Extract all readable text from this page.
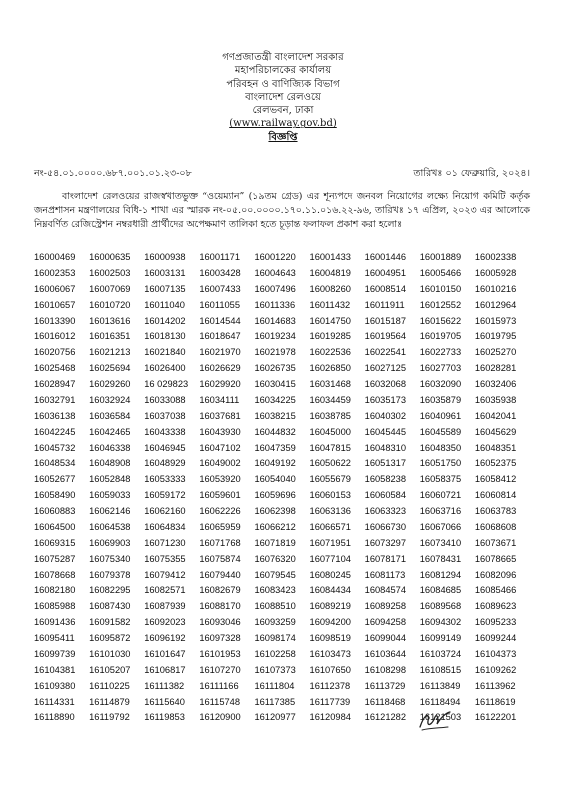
গণপ্রজাতন্ত্রী বাংলাদেশ সরকার
মহাপরিচালকের কার্যালয়
পরিবহন ও বাণিজ্যিক বিভাগ
বাংলাদেশ রেলওয়ে
রেলভবন, ঢাকা
(www.railway.gov.bd)
বিজ্ঞপ্তি
নং-৫৪.০১.০০০০.৬৮৭.০০১.০১.২৩-০৮	তারিখঃ ০১ ফেব্রুয়ারি, ২০২৪।
বাংলাদেশ রেলওয়ের রাজস্বখাতভুক্ত “ওয়েম্যান” (১৯তম গ্রেড) এর শূন্যপদে জনবল নিয়োগের লক্ষ্যে নিয়োগ কমিটি কর্তৃক জনপ্রশাসন মন্ত্রণালয়ের বিধি-১ শাখা এর স্মারক নং-০৫.০০.০০০০.১৭০.১১.০১৬.২২-৯৬, তারিখঃ ১৭ এপ্রিল, ২০২৩ এর আলোকে নিম্নবর্ণিত রেজিস্ট্রেশন নম্বরধারী প্রার্থীদের অপেক্ষমাণ তালিকা হতে চূড়ান্ত ফলাফল প্রকাশ করা হলোঃ
16000469	16000635	16000938	16001171	16001220	16001433	16001446	16001889	16002338
16002353	16002503	16003131	16003428	16004643	16004819	16004951	16005466	16005928
16006067	16007069	16007135	16007433	16007496	16008260	16008514	16010150	16010216
16010657	16010720	16011040	16011055	16011336	16011432	16011911	16012552	16012964
16013390	16013616	16014202	16014544	16014683	16014750	16015187	16015622	16015973
16016012	16016351	16018130	16018647	16019234	16019285	16019564	16019705	16019795
16020756	16021213	16021840	16021970	16021978	16022536	16022541	16022733	16025270
16025468	16025694	16026400	16026629	16026735	16026850	16027125	16027703	16028281
16028947	16029260	16 029823	16029920	16030415	16031468	16032068	16032090	16032406
16032791	16032924	16033088	16034111	16034225	16034459	16035173	16035879	16035938
16036138	16036584	16037038	16037681	16038215	16038785	16040302	16040961	16042041
16042245	16042465	16043338	16043930	16044832	16045000	16045445	16045589	16045629
16045732	16046338	16046945	16047102	16047359	16047815	16048310	16048350	16048351
16048534	16048908	16048929	16049002	16049192	16050622	16051317	16051750	16052375
16052677	16052848	16053333	16053920	16054040	16055679	16058238	16058375	16058412
16058490	16059033	16059172	16059601	16059696	16060153	16060584	16060721	16060814
16060883	16062146	16062160	16062226	16062398	16063136	16063323	16063716	16063783
16064500	16064538	16064834	16065959	16066212	16066571	16066730	16067066	16068608
16069315	16069903	16071230	16071768	16071819	16071951	16073297	16073410	16073671
16075287	16075340	16075355	16075874	16076320	16077104	16078171	16078431	16078665
16078668	16079378	16079412	16079440	16079545	16080245	16081173	16081294	16082096
16082180	16082295	16082571	16082679	16083423	16084434	16084574	16084685	16085466
16085988	16087430	16087939	16088170	16088510	16089219	16089258	16089568	16089623
16091436	16091582	16092023	16093046	16093259	16094200	16094258	16094302	16095233
16095411	16095872	16096192	16097328	16098174	16098519	16099044	16099149	16099244
16099739	16101030	16101647	16101953	16102258	16103473	16103644	16103724	16104373
16104381	16105207	16106817	16107270	16107373	16107650	16108298	16108515	16109262
16109380	16110225	16111382	16111166	16111804	16112378	16113729	16113849	16113962
16114331	16114879	16115640	16115748	16117385	16117739	16118468	16118494	16118619
16118890	16119792	16119853	16120900	16120977	16120984	16121282	16121503	16122201
